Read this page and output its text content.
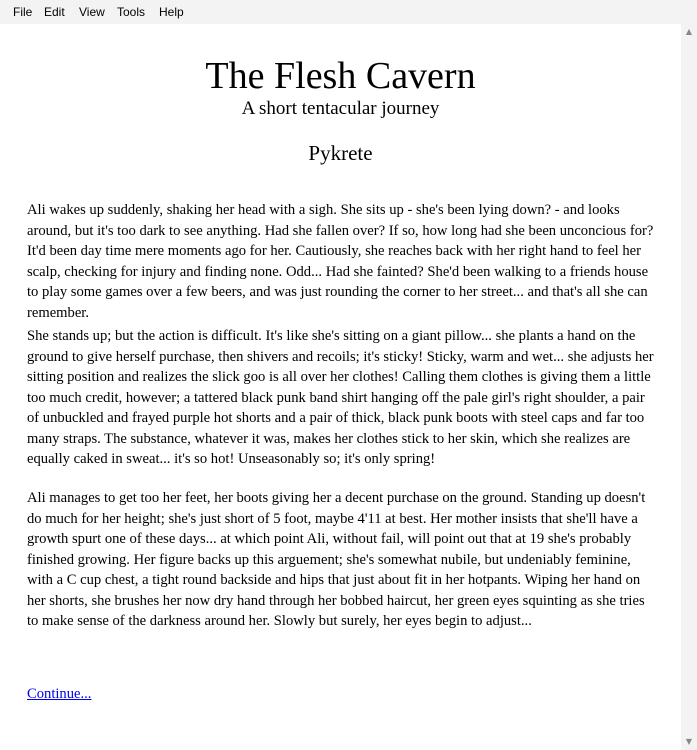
File Edit View Tools Help
The Flesh Cavern
A short tentacular journey
Pykrete

Ali wakes up suddenly, shaking her head with a sigh. She sits up - she's been lying down? - and looks around, but it's too dark to see anything. Had she fallen over? If so, how long had she been unconcious for? It'd been day time mere moments ago for her. Cautiously, she reaches back with her right hand to feel her scalp, checking for injury and finding none. Odd... Had she fainted? She'd been walking to a friends house to play some games over a few beers, and was just rounding the corner to her street... and that's all she can remember.

She stands up; but the action is difficult. It's like she's sitting on a giant pillow... she plants a hand on the ground to give herself purchase, then shivers and recoils; it's sticky! Sticky, warm and wet... she adjusts her sitting position and realizes the slick goo is all over her clothes! Calling them clothes is giving them a little too much credit, however; a tattered black punk band shirt hanging off the pale girl's right shoulder, a pair of unbuckled and frayed purple hot shorts and a pair of thick, black punk boots with steel caps and far too many straps. The substance, whatever it was, makes her clothes stick to her skin, which she realizes are equally caked in sweat... it's so hot! Unseasonably so; it's only spring!

Ali manages to get too her feet, her boots giving her a decent purchase on the ground. Standing up doesn't do much for her height; she's just short of 5 foot, maybe 4'11 at best. Her mother insists that she'll have a growth spurt one of these days... at which point Ali, without fail, will point out that at 19 she's probably finished growing. Her figure backs up this arguement; she's somewhat nubile, but undeniably feminine, with a C cup chest, a tight round backside and hips that just about fit in her hotpants. Wiping her hand on her shorts, she brushes her now dry hand through her bobbed haircut, her green eyes squinting as she tries to make sense of the darkness around her. Slowly but surely, her eyes begin to adjust...

Continue...
▲
▼
